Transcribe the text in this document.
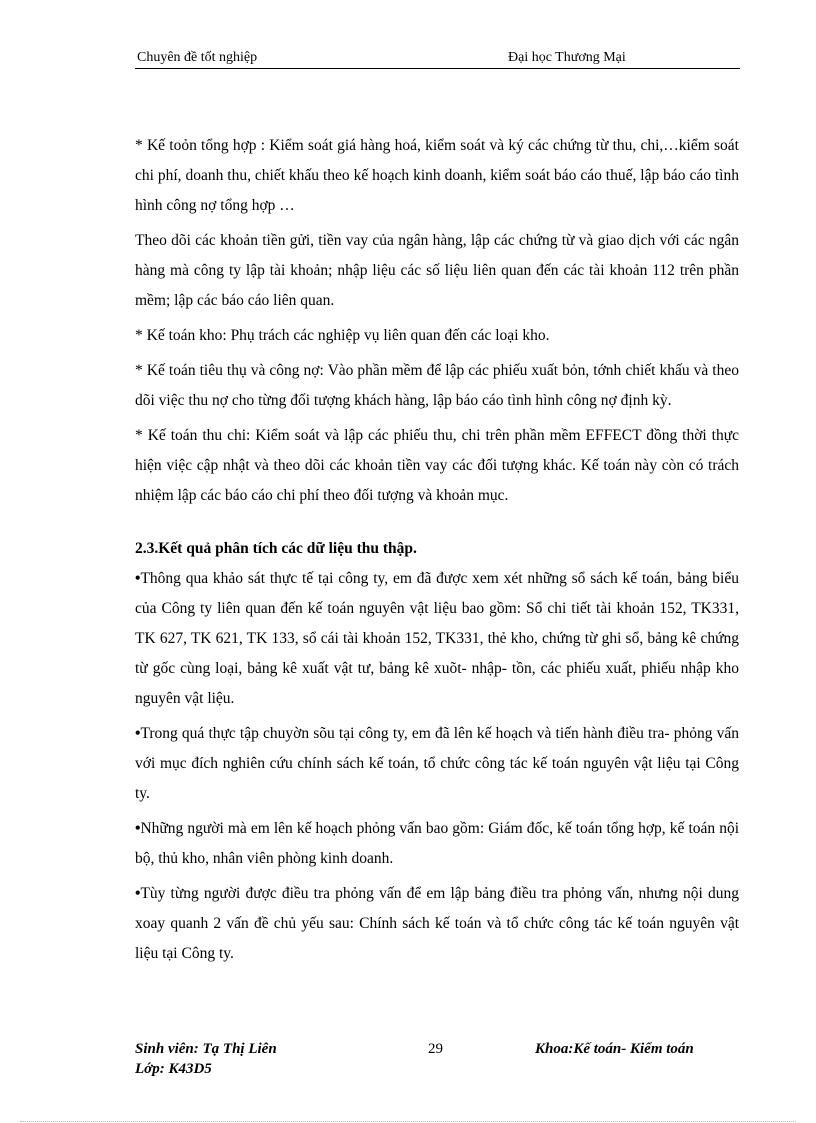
Chuyên đề tốt nghiệp	Đại học Thương Mại

* Kế toỏn tổng hợp : Kiểm soát giá hàng hoá, kiểm soát và ký các chứng từ thu, chi,…kiểm soát chi phí, doanh thu, chiết khấu theo kế hoạch kinh doanh, kiểm soát báo cáo thuế, lập báo cáo tình hình công nợ tổng hợp …

Theo dõi các khoản tiền gửi, tiền vay của ngân hàng, lập các chứng từ và giao dịch với các ngân hàng mà công ty lập tài khoản; nhập liệu các số liệu liên quan đến các tài khoản 112 trên phần mềm; lập các báo cáo liên quan.

* Kế toán kho: Phụ trách các nghiệp vụ liên quan đến các loại kho.

* Kế toán tiêu thụ và công nợ: Vào phần mềm để lập các phiếu xuất bỏn, tớnh chiết khấu và theo dõi việc thu nợ cho từng đối tượng khách hàng, lập báo cáo tình hình công nợ định kỳ.

* Kế toán thu chi: Kiểm soát và lập các phiếu thu, chi trên phần mềm EFFECT đồng thời thực hiện việc cập nhật và theo dõi các khoản tiền vay các đối tượng khác. Kế toán này còn có trách nhiệm lập các báo cáo chi phí theo đối tượng và khoản mục.

2.3.Kết quả phân tích các dữ liệu thu thập.

• Thông qua khảo sát thực tế tại công ty, em đã được xem xét những sổ sách kế toán, bảng biểu của Công ty liên quan đến kế toán nguyên vật liệu bao gồm: Sổ chi tiết tài khoản 152, TK331, TK 627, TK 621, TK 133, sổ cái tài khoản 152, TK331, thẻ kho, chứng từ ghi sổ, bảng kê chứng từ gốc cùng loại, bảng kê xuất vật tư, bảng kê xuõt- nhập- tồn, các phiếu xuất, phiếu nhập kho nguyên vật liệu.

• Trong quá thực tập chuyờn sõu tại công ty, em đã lên kế hoạch và tiến hành điều tra- phỏng vấn với mục đích nghiên cứu chính sách kế toán, tổ chức công tác kế toán nguyên vật liệu tại Công ty.

• Những người mà em lên kế hoạch phỏng vấn bao gồm: Giám đốc, kế toán tổng hợp, kế toán nội bộ, thủ kho, nhân viên phòng kinh doanh.

• Tùy từng người được điều tra phỏng vấn để em lập bảng điều tra phỏng vấn, nhưng nội dung xoay quanh 2 vấn đề chủ yếu sau: Chính sách kế toán và tổ chức công tác kế toán nguyên vật liệu tại Công ty.

Sinh viên: Tạ Thị Liên
Lớp: K43D5
29	Khoa:Kế toán- Kiểm toán
